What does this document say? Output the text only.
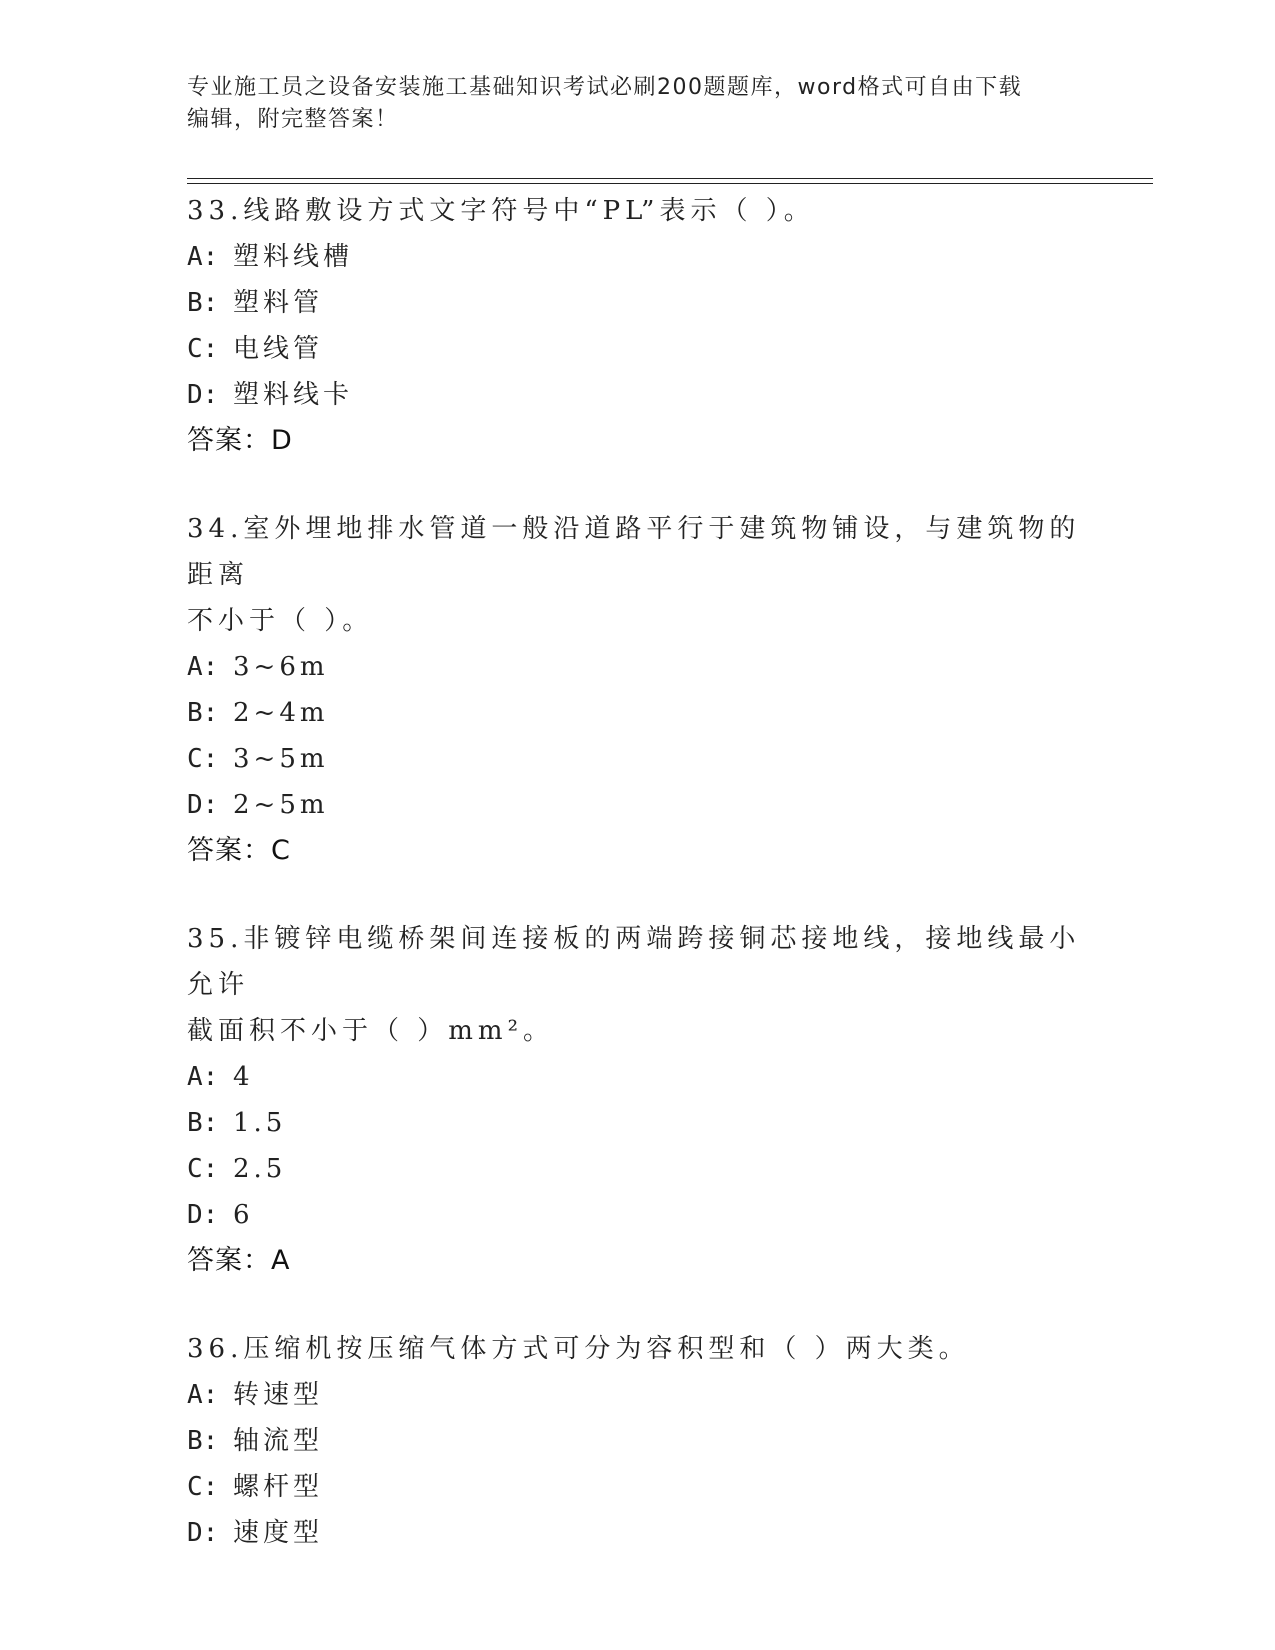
专业施工员之设备安装施工基础知识考试必刷200题题库，word格式可自由下载
编辑，附完整答案！
33.线路敷设方式文字符号中“PL”表示（ ）。
A: 塑料线槽
B: 塑料管
C: 电线管
D: 塑料线卡
答案：D
34.室外埋地排水管道一般沿道路平行于建筑物铺设，与建筑物的距离
不小于（ ）。
A: 3~6m
B: 2~4m
C: 3~5m
D: 2~5m
答案：C
35.非镀锌电缆桥架间连接板的两端跨接铜芯接地线，接地线最小允许
截面积不小于（ ）mm²。
A: 4
B: 1.5
C: 2.5
D: 6
答案：A
36.压缩机按压缩气体方式可分为容积型和（ ）两大类。
A: 转速型
B: 轴流型
C: 螺杆型
D: 速度型
